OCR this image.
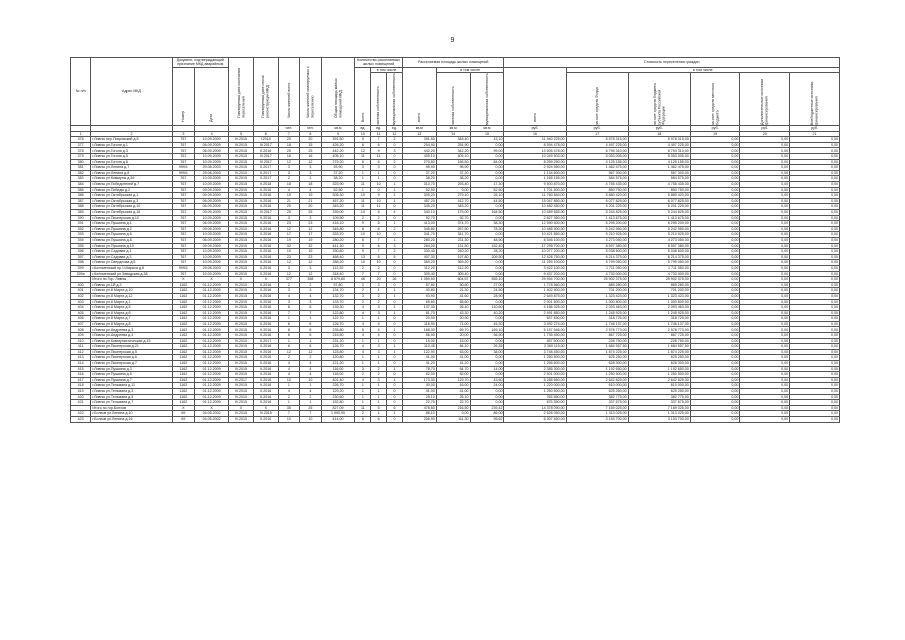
9
№ п/п	Адрес МКД	Документ, подтверждающий признание МКД аварийным		Планируемая дата окончания переселения	Планируемая дата сноса/ реконструкции МКД	Число жителей всего	Число жителей планируемых к переселению	Общая площадь жилых помещений МКД	Количество расселяемых жилых помещений			Расселяемая площадь жилых помещений			Стоимость переселения граждан					

		Номер	Дата						Всего	в том числе		всего	в том числе		всего	в том числе				

										частная собственность	муниципальная собственность		частная собственность	муниципальная собственность		за счет средств Фонда	за счет средств бюджета субъекта Российской Федерации	за счет средств местного бюджета	Дополнительные источники финансирования	Внебюджетные источники финансирования

						чел.	чел.	кв.м	ед.	ед.	ед.	кв.м	кв.м	кв.м	руб.	руб.	руб.	руб.	руб.	руб.
1	2	3	4	5	6	7	8	9	10	11	12	13	14	15	16	17	18	19	20	21
376	г.Ливны пер.Покровский д.5	757	10.09.2009	IV.2015	I.2019	20	20	391,50	9	7	2	391,50	348,40	43,10	11 940 225,00	5 978 315,00	5 978 315,00	0,00	0,00	0,00
377	г.Ливны ул.Гоголя д.1	767	06.09.2009	IV.2015	IV.2017	18	15	426,20	6	6	0	254,90	254,90	0,00	8 594 478,00	4 497 225,00	4 497 225,00	0,00	0,00	0,00
378	г.Ливны ул.Гоголя д.3	767	06.09.2009	IV.2015	II.2016	25	25	442,20	12	9	3	442,20	342,20	99,00	13 505 478,00	6 794 310,00	6 794 310,00	0,00	0,00	0,00
379	г.Ливны ул.Гоголя д.5	767	10.09.2009	IV.2015	IV.2017	16	16	405,10	11	11	0	405,10	405,10	0,00	10 049 503,00	5 053 005,00	5 053 005,00	0,00	0,00	0,00
380	г.Ливны ул.Гоголя д.6	767	10.09.2009	IV.2015	IV.2017	12	12	279,20	8	6	2	270,50	186,50	84,00	8 259 250,00	4 125 155,00	4 125 155,00	0,00	0,00	0,00
381	г.Ливны ул.Ленина д.7	999/1	29.08.2003	IV.2015	II.2017	3	3	93,90	3	3	0	95,90	95,90	0,00	2 924 550,00	1 462 475,00	1 462 475,00	0,00	0,00	0,00
382	г.Ливны ул.Ленина д.8	999/1	29.08.2003	IV.2015	II.2017	3	3	37,20	1	1	0	37,20	37,20	0,00	1 134 600,00	567 300,00	567 300,00	0,00	0,00	0,00
383	г.Ливны ул.Коммуны д.39	767	10.09.2009	IV.2015	II.2017	2	2	38,20	1	1	0	38,20	38,20	0,00	1 165 155,00	584 575,00	584 575,00	0,00	0,00	0,00
384	г.Ливны ул.Победителей д.7	767	10.09.2009	IV.2015	II.2018	18	18	325,90	11	10	1	310,70	293,40	17,30	9 500 870,00	4 755 435,00	4 755 435,00	0,00	0,00	0,00
385	г.Ливны ул.Победы д.2	767	09.09.2009	IV.2015	II.2016	4	4	52,50	1	0	1	52,50	0,00	52,50	1 701 500,00	850 750,00	850 750,00	0,00	0,00	0,00
386	г.Ливны ул.Октябрьская д.1	787	09.09.2009	IV.2015	II.2016	19	19	305,30	10	9	1	305,20	279,10	26,10	11 760 840,00	5 880 420,00	5 880 420,00	0,00	0,00	0,00
387	г.Ливны ул.Октябрьская д.3	767	06.09.2009	IV.2015	II.2016	21	21	457,20	11	10	1	457,20	412,70	44,50	15 047 850,00	6 077 825,00	6 077 825,00	0,00	0,00	0,00
388	г.Ливны ул.Октябрьская д.10	787	06.09.2009	IV.2015	II.2016	20	20	345,20	11	11	0	345,20	345,20	0,00	10 482 450,00	5 201 225,00	5 201 225,00	0,00	0,00	0,00
389	г.Ливны ул.Октябрьская д.18	767	09.09.2009	IV.2015	IV.2017	25	25	339,00	10	6	4	340,10	175,00	164,50	10 489 655,00	5 244 825,00	5 244 825,00	0,00	0,00	0,00
390	г.Ливны ул.Пионерская д.10	767	10.09.2009	IV.2015	II.2016	3	3	109,50	2	2	0	92,70	92,70	0,00	2 827 350,00	1 413 675,00	1 413 675,00	0,00	0,00	0,00
391	г.Ливны ул.Пушкина д.1	767	06.09.2009	IV.2015	II.2016	23	23	418,10	9	8	1	413,00	374,70	38,30	12 590 400,00	6 295 200,00	6 295 200,00	0,00	0,00	0,00
392	г.Ливны ул.Пушкина д.2	767	09.09.2009	IV.2015	II.2016	12	12	345,80	8	6	2	345,80	267,50	78,30	10 485 900,00	5 242 950,00	5 242 950,00	0,00	0,00	0,00
393	г.Ливны ул.Пушкина д.6	787	10.09.2009	IV.2015	II.2016	17	17	333,70	10	10	0	341,70	341,70	0,00	10 421 850,00	5 210 925,00	5 210 925,00	0,00	0,00	0,00
394	г.Ливны ул.Пушкина д.8	767	06.09.2009	IV.2015	II.2016	19	19	280,20	8	7	1	280,20	231,30	48,90	8 546 100,00	4 273 050,00	4 273 050,00	0,00	0,00	0,00
395	г.Ливны ул.Пушкина д.10	767	09.09.2009	IV.2015	II.2016	32	32	441,30	9	6	3	284,00	131,50	152,40	17 295 700,00	8 597 380,00	8 597 380,00	0,00	0,00	0,00
396	г.Ливны ул.Садовая д.1	787	10.09.2009	IV.2015	II.2016	19	19	330,80	9	7	2	330,40	240,20	28,20	10 077 200,00	5 038 600,00	5 038 600,00	0,00	0,00	0,00
397	г.Ливны ул.Садовая д.3	767	10.09.2009	IV.2015	II.2016	23	23	468,40	13	8	5	407,30	197,80	209,50	12 428 750,00	6 214 375,00	6 214 375,00	0,00	0,00	0,00
398	г.Ливны ул.Свердлова д.5	767	10.09.2009	IV.2015	II.2016	12	12	288,20	10	10	0	369,20	369,20	0,00	11 259 100,00	5 799 050,00	5 799 050,00	0,00	0,00	0,00
399	г.Коломенский пр.Ч.Маркса д.6	999/1	29.08.2003	IV.2015	II.2016	3	3	112,20	2	2	0	112,20	112,20	0,00	3 422 100,00	1 711 050,00	1 711 050,00	0,00	0,00	0,00
399а	г.Коломенский ул.Заводская д.38	767	10.09.2009	IV.2015	II.2016	12	12	318,40	7	7	0	309,40	309,40	0,00	9 437 200,00	4 733 000,00	4 733 000,00	0,00	0,00	0,00
	Итого по Гор. Ливны	X	X	X	X	377	358	8 579,80	46	20	26	1 059,50	604,57	555,10	29 994 700,00	25 902 375,00	25 902 375,00	0,00	0,00	0,00
400	г.Ливны ул.1Й д.3	1162	01.12.2009	IV.2015	II.2016	2	2	57,80	3	3	0	57,80	50,80	27,00	1 778 560,00	889 280,00	889 280,00	0,00	0,00	0,00
401	г.Ливны ул.8 Марта д.10	1162	01.12.2009	IV.2015	II.2016	3	3	134,70	2	1	1	40,80	21,30	24,50	1 402 900,00	701 200,00	701 200,00	0,00	0,00	0,00
402	г.Ливны ул.8 Марта д.12	1162	01.12.2009	IV.2015	II.2016	4	4	132,70	3	2	1	93,90	41,60	28,90	2 649 875,00	1 323 423,00	1 323 423,00	0,00	0,00	0,00
403	г.Ливны ул.8 Марта д.1	1162	01.12.2009	IV.2015	II.2016	3	3	133,70	2	2	0	65,60	65,60	0,00	2 001 600,00	1 000 800,00	1 000 800,00	0,00	0,00	0,00
404	г.Ливны ул.8 Марта д.5	1162	01.12.2009	IV.2015	II.2016	6	6	139,30	4	3	1	137,30	26,40	110,60	4 186 325,00	2 093 463,00	2 093 463,00	0,00	0,00	0,00
405	г.Ливны ул.8 Марта д.6	1162	01.12.2009	IV.2015	II.2016	7	7	122,80	4	3	1	81,70	43,30	40,20	2 491 850,00	1 245 925,00	1 245 925,00	0,00	0,00	0,00
406	г.Ливны ул.8 Марта д.7	1162	01.12.2009	IV.2015	II.2016	1	1	122,70	1	1	0	20,90	20,90	0,00	637 450,00	318 725,00	318 725,00	0,00	0,00	0,00
407	г.Ливны ул.8 Марта д.8	1162	01.12.2009	IV.2015	II.2016	6	6	126,70	4	4	0	116,90	71,00	45,30	3 492 274,00	1 746 137,00	1 746 137,00	0,00	0,00	0,00
408	г.Ливны ул.Андреева д.3	1162	01.12.2009	IV.2015	II.2016	8	8	235,80	5	4	1	168,30	69,70	169,10	5 157 546,00	2 578 773,00	2 578 773,00	0,00	0,00	0,00
409	г.Ливны ул.Андреева д.4	1162	01.12.2009	IV.2015	II.2016	6	6	215,50	4	4	0	56,90	20,00	36,90	1 735 450,00	867 725,00	867 725,00	0,00	0,00	0,00
410	г.Ливны ул.Коммунистическая д.15	1162	01.12.2009	IV.2015	II.2017	1	1	231,20	1	1	0	15,00	15,00	0,00	457 500,00	228 750,00	228 750,00	0,00	0,00	0,00
411	г.Ливны ул.Пионерская д.21	1162	01.12.2009	IV.2015	II.2016	6	6	126,70	4	3	1	110,45	84,10	26,35	3 369 115,00	1 684 557,50	1 684 557,50	0,00	0,00	0,00
412	г.Ливны ул.Пионерская д.5	1162	01.12.2009	IV.2015	II.2016	12	12	123,80	4	3	1	122,90	63,00	38,00	3 748 450,00	1 874 225,00	1 874 225,00	0,00	0,00	0,00
413	г.Ливны ул.Пионерская д.6	1162	01.12.2009	IV.2015	II.2016	2	2	120,80	1	1	0	41,00	41,00	0,00	1 250 500,00	625 250,00	625 250,00	0,00	0,00	0,00
414	г.Ливны ул.Пионерская д.7	1162	01.12.2009	IV.2015	II.2016	4	4	121,20	1	1	0	41,20	41,20	0,00	1 256 600,00	628 300,00	628 300,00	0,00	0,00	0,00
415	г.Ливны ул.Пушкина д.3	1162	01.12.2009	IV.2015	II.2016	4	4	116,00	3	2	1	78,70	64,70	14,00	2 385 300,00	1 192 650,00	1 192 650,00	0,00	0,00	0,00
416	г.Ливны ул.Пушкина д.5	1162	01.12.2009	IV.2015	II.2016	4	4	118,00	2	2	0	82,00	82,00	0,00	2 501 000,00	1 250 500,00	1 250 500,00	0,00	0,00	0,00
417	г.Ливны ул.Пушкина д.7	1162	01.12.2009	IV.2017	II.2016	10	10	401,40	4	3	1	173,30	129,70	43,60	5 285 650,00	2 642 825,00	2 642 825,00	0,00	0,00	0,00
418	г.Ливны ул.Тельмана д.11	1162	01.12.2009	IV.2015	II.2016	1	1	226,70	1	1	0	40,00	16,00	24,00	1 220 000,00	610 000,00	610 000,00	0,00	0,00	0,00
419	г.Ливны ул.Тельмана д.3	1162	01.12.2009	IV.2015	II.2016	4	4	129,20	1	1	0	41,00	41,00	0,00	1 250 500,00	625 250,00	625 250,00	0,00	0,00	0,00
420	г.Ливны ул.Тельмана д.5	1162	01.12.2009	IV.2015	II.2016	2	2	230,60	1	1	0	25,10	25,10	0,00	765 550,00	382 775,00	382 775,00	0,00	0,00	0,00
421	г.Ливны ул.Тельмана д.7	1162	01.12.2009	IV.2015	II.2016	1	1	152,80	1	1	0	22,70	22,70	0,00	675 350,00	337 675,00	337 675,00	0,00	0,00	0,00
	Итого по гор.Болхов	X	X	X	X	35	25	827,09	11	5	6	476,60	216,50	239,42	14 378 090,00	7 169 025,00	7 169 025,00	0,00	0,00	0,00
422	г.Болхов ул.Ленина д.10	69	04.05.2002	IV.2015	IV.2015	7	7	1 990,90	2	1	1	86,10	0,00	86,00	2 626 050,00	1 313 025,00	1 313 025,00	0,00	0,00	0,00
423	г.Болхов ул.Ленина д.16	69	04.05.2002	IV.2015	II.2016	10	10	414,00	6	6	0	206,90	111,30	95,62	6 307 450,00	3 153 700,00	3 153 700,00	0,00	0,00	0,00
